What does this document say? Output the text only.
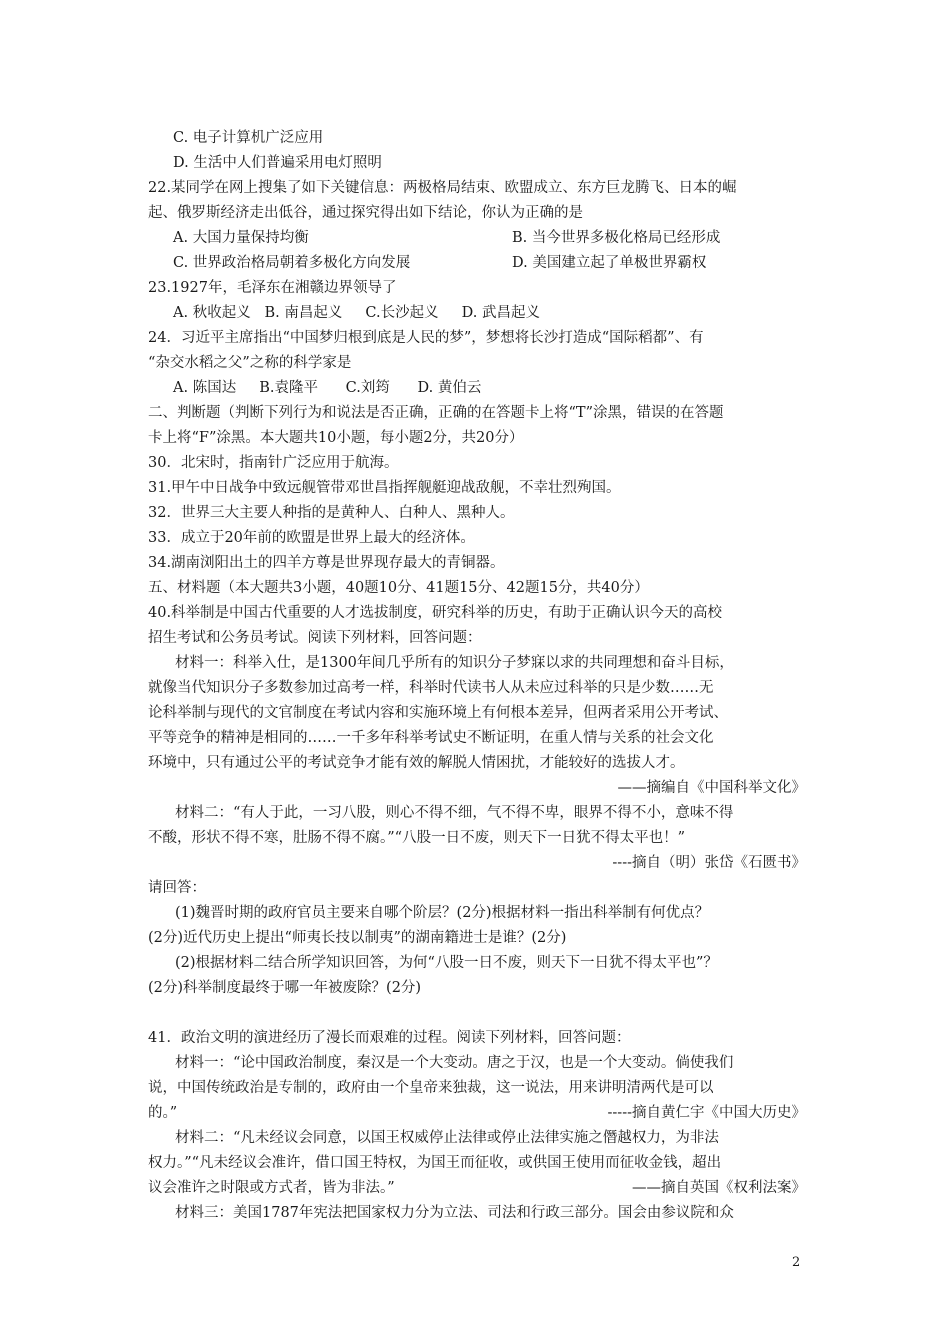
C. 电子计算机广泛应用
D. 生活中人们普遍采用电灯照明
22.某同学在网上搜集了如下关键信息：两极格局结束、欧盟成立、东方巨龙腾飞、日本的崛
起、俄罗斯经济走出低谷，通过探究得出如下结论，你认为正确的是
A. 大国力量保持均衡	B. 当今世界多极化格局已经形成
C. 世界政治格局朝着多极化方向发展	D. 美国建立起了单极世界霸权
23.1927年，毛泽东在湘赣边界领导了
A. 秋收起义   B. 南昌起义     C.长沙起义     D. 武昌起义
24．习近平主席指出“中国梦归根到底是人民的梦”，梦想将长沙打造成“国际稻都”、有
“杂交水稻之父”之称的科学家是
A. 陈国达     B.袁隆平      C.刘筠      D. 黄伯云
二、判断题（判断下列行为和说法是否正确，正确的在答题卡上将“T”涂黑，错误的在答题
卡上将“F”涂黑。本大题共10小题，每小题2分，共20分）
30．北宋时，指南针广泛应用于航海。
31.甲午中日战争中致远舰管带邓世昌指挥舰艇迎战敌舰，不幸壮烈殉国。
32．世界三大主要人种指的是黄种人、白种人、黑种人。
33．成立于20年前的欧盟是世界上最大的经济体。
34.湖南浏阳出土的四羊方尊是世界现存最大的青铜器。
五、材料题（本大题共3小题，40题10分、41题15分、42题15分，共40分）
40.科举制是中国古代重要的人才选拔制度，研究科举的历史，有助于正确认识今天的高校
招生考试和公务员考试。阅读下列材料，回答问题：
材料一：科举入仕，是1300年间几乎所有的知识分子梦寐以求的共同理想和奋斗目标，
就像当代知识分子多数参加过高考一样，科举时代读书人从未应过科举的只是少数……无
论科举制与现代的文官制度在考试内容和实施环境上有何根本差异，但两者采用公开考试、
平等竞争的精神是相同的……一千多年科举考试史不断证明，在重人情与关系的社会文化
环境中，只有通过公平的考试竞争才能有效的解脱人情困扰，才能较好的选拔人才。
——摘编自《中国科举文化》
材料二：“有人于此，一习八股，则心不得不细，气不得不卑，眼界不得不小，意味不得
不酸，形状不得不寒，肚肠不得不腐。”“八股一日不废，则天下一日犹不得太平也！”
----摘自（明）张岱《石匮书》
请回答：
(1)魏晋时期的政府官员主要来自哪个阶层？(2分)根据材料一指出科举制有何优点？
(2分)近代历史上提出“师夷长技以制夷”的湖南籍进士是谁？(2分)
(2)根据材料二结合所学知识回答，为何“八股一日不废，则天下一日犹不得太平也”？
(2分)科举制度最终于哪一年被废除？(2分)
41．政治文明的演进经历了漫长而艰难的过程。阅读下列材料，回答问题：
材料一：“论中国政治制度，秦汉是一个大变动。唐之于汉，也是一个大变动。倘使我们
说，中国传统政治是专制的，政府由一个皇帝来独裁，这一说法，用来讲明清两代是可以
的。”	-----摘自黄仁宇《中国大历史》
材料二：“凡未经议会同意，以国王权威停止法律或停止法律实施之僭越权力，为非法
权力。”“凡未经议会准许，借口国王特权，为国王而征收，或供国王使用而征收金钱，超出
议会准许之时限或方式者，皆为非法。”	——摘自英国《权利法案》
材料三：美国1787年宪法把国家权力分为立法、司法和行政三部分。国会由参议院和众
2
